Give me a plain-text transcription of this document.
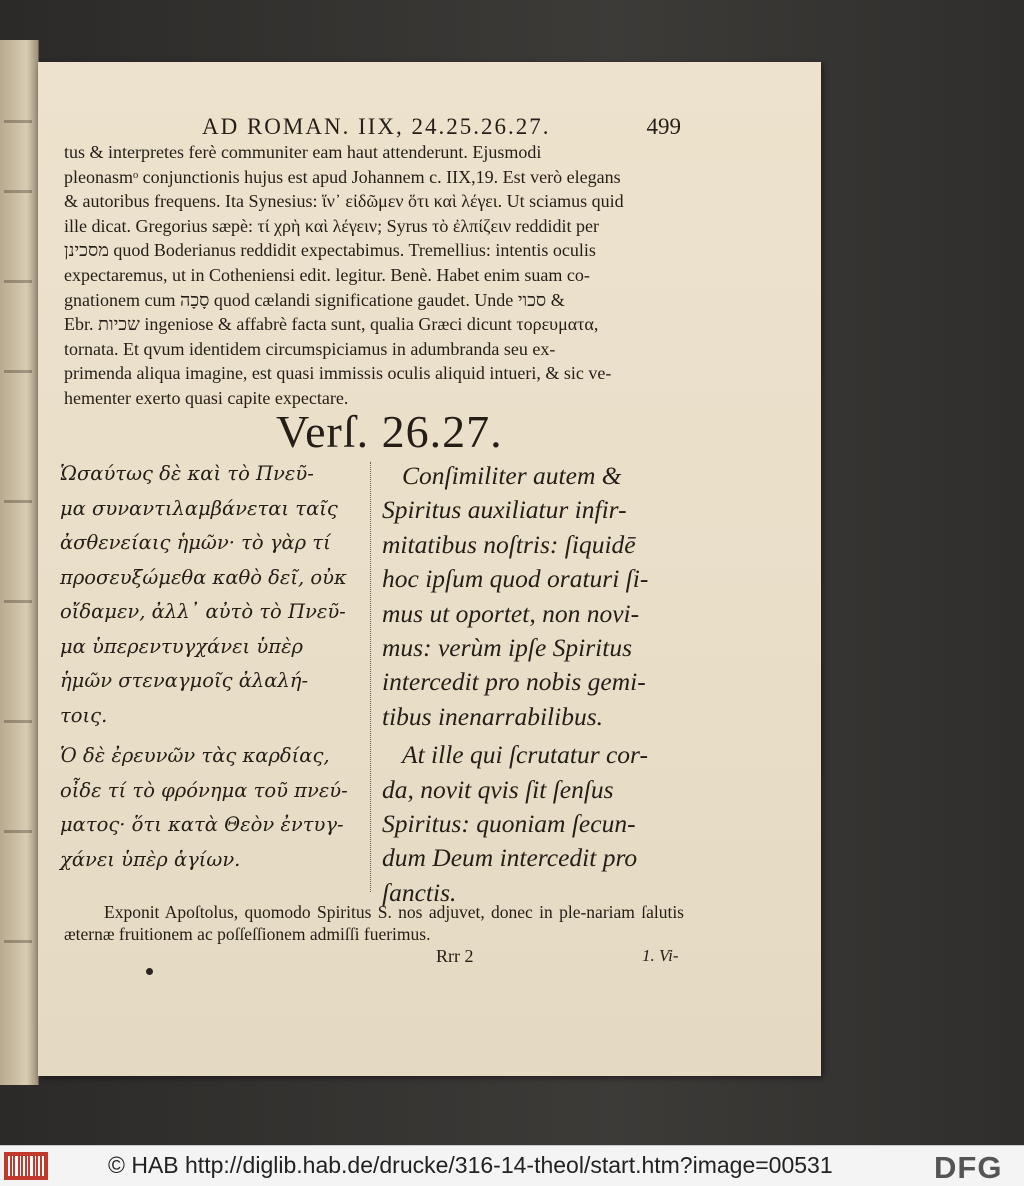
AD ROMAN. IIX, 24.25.26.27.	499

tus & interpretes ferè communiter eam haut attenderunt. Ejusmodi

pleonasmᵒ conjunctionis hujus est apud Johannem c. IIX,19. Est verò elegans

& autoribus frequens. Ita Synesius: ἵν᾽ εἰδῶμεν ὅτι καὶ λέγει. Ut sciamus quid

ille dicat. Gregorius sæpè: τί χρὴ καὶ λέγειν; Syrus τὸ ἐλπίζειν reddidit per

מסכינן quod Boderianus reddidit expectabimus. Tremellius: intentis oculis

expectaremus, ut in Cotheniensi edit. legitur. Benè. Habet enim suam co-

gnationem cum סָכָה quod cælandi significatione gaudet. Unde סכוי &

Ebr. שכיות ingeniose & affabrè facta sunt, qualia Græci dicunt τορευματα,

tornata. Et qvum identidem circumspiciamus in adumbranda seu ex-

primenda aliqua imagine, est quasi immissis oculis aliquid intueri, & sic ve-

hementer exerto quasi capite expectare.

Verſ. 26.27.
Ὡσαύτως δὲ καὶ τὸ Πνεῦ-
μα συναντιλαμβάνεται ταῖς
ἀσθενείαις ἡμῶν· τὸ γὰρ τί
προσευξώμεθα καθὸ δεῖ, οὐκ
οἴδαμεν, ἀλλ᾽ αὐτὸ τὸ Πνεῦ-
μα ὑπερεντυγχάνει ὑπὲρ
ἡμῶν στεναγμοῖς ἀλαλή-
τοις.
Ὁ δὲ ἐρευνῶν τὰς καρδίας,
οἶδε τί τὸ φρόνημα τοῦ πνεύ-
ματος· ὅτι κατὰ Θεὸν ἐντυγ-
χάνει ὑπὲρ ἁγίων.
Conſimiliter autem &
Spiritus auxiliatur infir-
mitatibus noſtris: ſiquidē
hoc ipſum quod oraturi ſi-
mus ut oportet, non novi-
mus: verùm ipſe Spiritus
intercedit pro nobis gemi-
tibus inenarrabilibus.
At ille qui ſcrutatur cor-
da, novit qvis ſit ſenſus
Spiritus: quoniam ſecun-
dum Deum intercedit pro
ſanctis.
Exponit Apoſtolus, quomodo Spiritus S. nos adjuvet, donec in ple-nariam ſalutis æternæ fruitionem ac poſſeſſionem admiſſi fuerimus.
Rrr 2	1. Vi-
© HAB http://diglib.hab.de/drucke/316-14-theol/start.htm?image=00531	DFG
